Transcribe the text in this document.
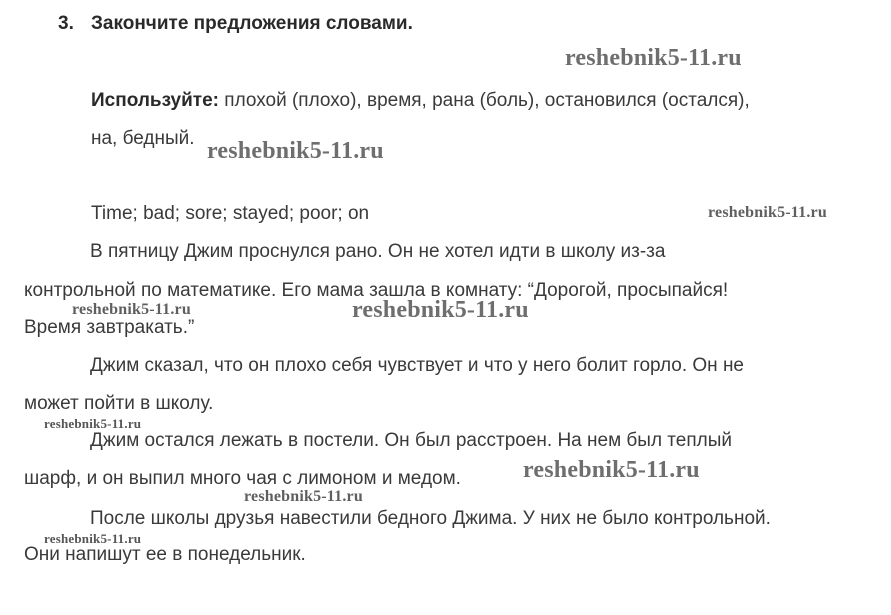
3. Закончите предложения словами.
reshebnik5-11.ru
Используйте: плохой (плохо), время, рана (боль), остановился (остался),
на, бедный. reshebnik5-11.ru
Time; bad; sore; stayed; poor; on	reshebnik5-11.ru
В пятницу Джим проснулся рано. Он не хотел идти в школу из-за
контрольной по математике. Его мама зашла в комнату: “Дорогой, просыпайся!
reshebnik5-11.ru	reshebnik5-11.ru
Время завтракать.”
Джим сказал, что он плохо себя чувствует и что у него болит горло. Он не
может пойти в школу.
reshebnik5-11.ru
Джим остался лежать в постели. Он был расстроен. На нем был теплый
шарф, и он выпил много чая с лимоном и медом.	reshebnik5-11.ru
reshebnik5-11.ru
После школы друзья навестили бедного Джима. У них не было контрольной.
reshebnik5-11.ru
Они напишут ее в понедельник.
